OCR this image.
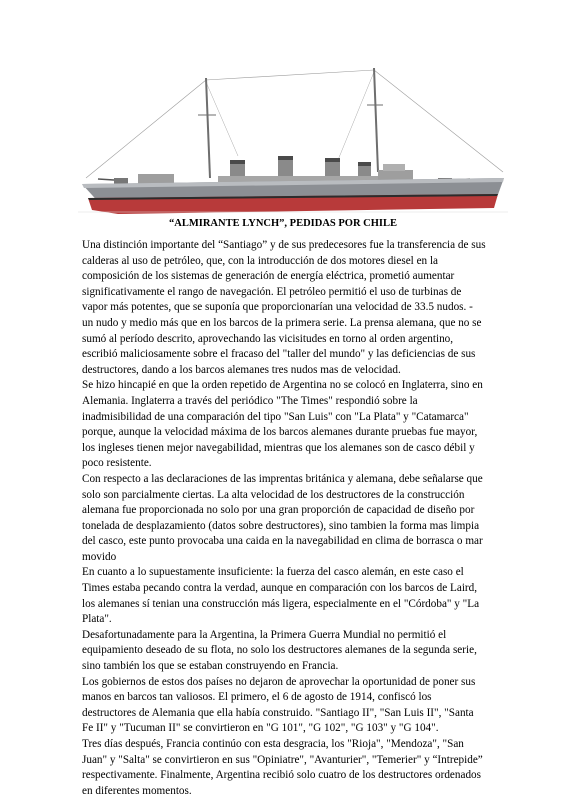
“ALMIRANTE LYNCH”, PEDIDAS POR CHILE

Una distinción importante del “Santiago” y de sus predecesores fue la transferencia de sus calderas al uso de petróleo, que, con la introducción de dos motores diesel en la composición de los sistemas de generación de energía eléctrica, prometió aumentar significativamente el rango de navegación. El petróleo permitió el uso de turbinas de vapor más potentes, que se suponía que proporcionarían una velocidad de 33.5 nudos. - un nudo y medio más que en los barcos de la primera serie. La prensa alemana, que no se sumó al período descrito, aprovechando las vicisitudes en torno al orden argentino, escribió maliciosamente sobre el fracaso del "taller del mundo" y las deficiencias de sus destructores, dando a los barcos alemanes tres nudos mas de velocidad.

Se hizo hincapié en que la orden repetido de Argentina no se colocó en Inglaterra, sino en Alemania. Inglaterra a través del periódico "The Times" respondió sobre la inadmisibilidad de una comparación del tipo "San Luis" con "La Plata" y "Catamarca" porque, aunque la velocidad máxima de los barcos alemanes durante pruebas fue mayor, los ingleses tienen mejor navegabilidad, mientras que los alemanes son de casco débil y poco resistente.

Con respecto a las declaraciones de las imprentas británica y alemana, debe señalarse que solo son parcialmente ciertas. La alta velocidad de los destructores de la construcción alemana fue proporcionada no solo por una gran proporción de capacidad de diseño por tonelada de desplazamiento (datos sobre destructores), sino tambien la forma mas limpia del casco, este punto provocaba una caida en la navegabilidad en clima de borrasca o mar movido

En cuanto a lo supuestamente insuficiente: la fuerza del casco alemán, en este caso el Times estaba pecando contra la verdad, aunque en comparación con los barcos de Laird, los alemanes sí tenian una construcción más ligera, especialmente en el "Córdoba" y "La Plata".

Desafortunadamente para la Argentina, la Primera Guerra Mundial no permitió el equipamiento deseado de su flota, no solo los destructores alemanes de la segunda serie, sino también los que se estaban construyendo en Francia.

Los gobiernos de estos dos países no dejaron de aprovechar la oportunidad de poner sus manos en barcos tan valiosos. El primero, el 6 de agosto de 1914, confiscó los destructores de Alemania que ella había construido. "Santiago II", "San Luis II", "Santa Fe II" y "Tucuman II" se convirtieron en "G 101", "G 102", "G 103" y "G 104".

Tres días después, Francia continúo con esta desgracia, los "Rioja", "Mendoza", "San Juan" y "Salta" se convirtieron en sus "Opiniatre", "Avanturier", "Temerier" y “Intrepide” respectivamente. Finalmente, Argentina recibió solo cuatro de los destructores ordenados en diferentes momentos.
